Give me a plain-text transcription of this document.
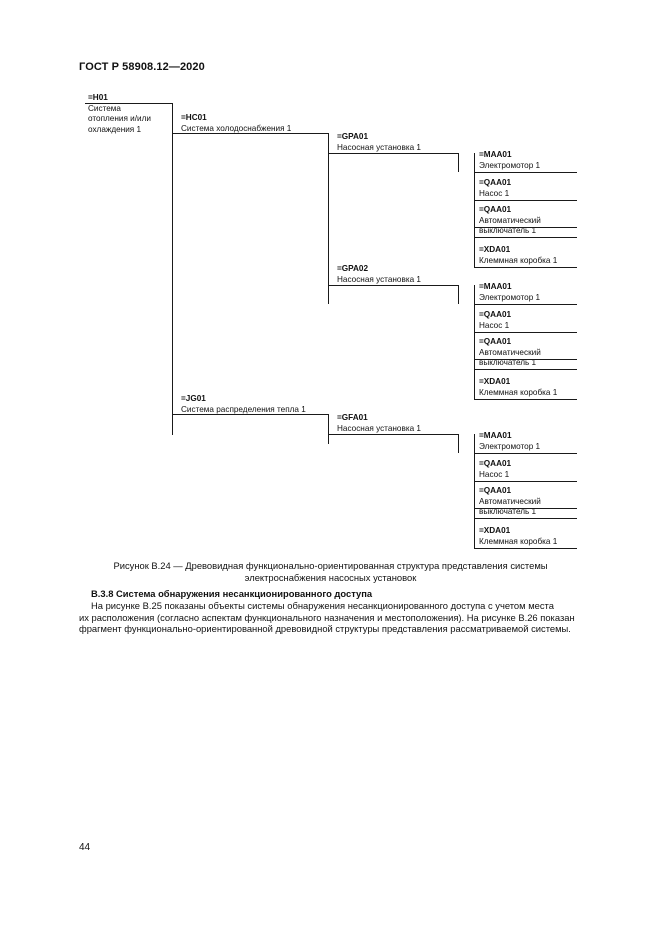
ГОСТ Р 58908.12—2020
=H01
Система
отопления и/или
охлаждения 1
=HC01
Система холодоснабжения 1
=GPA01
Насосная установка 1
=MAA01
Электромотор 1
=QAA01
Насос 1
=QAA01
Автоматический
выключатель 1
=XDA01
Клеммная коробка 1
=GPA02
Насосная установка 1
=MAA01
Электромотор 1
=QAA01
Насос 1
=QAA01
Автоматический
выключатель 1
=XDA01
Клеммная коробка 1
=JG01
Система распределения тепла 1
=GFA01
Насосная установка 1
=MAA01
Электромотор 1
=QAA01
Насос 1
=QAA01
Автоматический
выключатель 1
=XDA01
Клеммная коробка 1
Рисунок В.24 — Древовидная функционально-ориентированная структура представления системы
электроснабжения насосных установок
В.3.8 Система обнаружения несанкционированного доступа
На рисунке В.25 показаны объекты системы обнаружения несанкционированного доступа с учетом места
их расположения (согласно аспектам функционального назначения и местоположения). На рисунке В.26 показан
фрагмент функционально-ориентированной древовидной структуры представления рассматриваемой системы.
44
